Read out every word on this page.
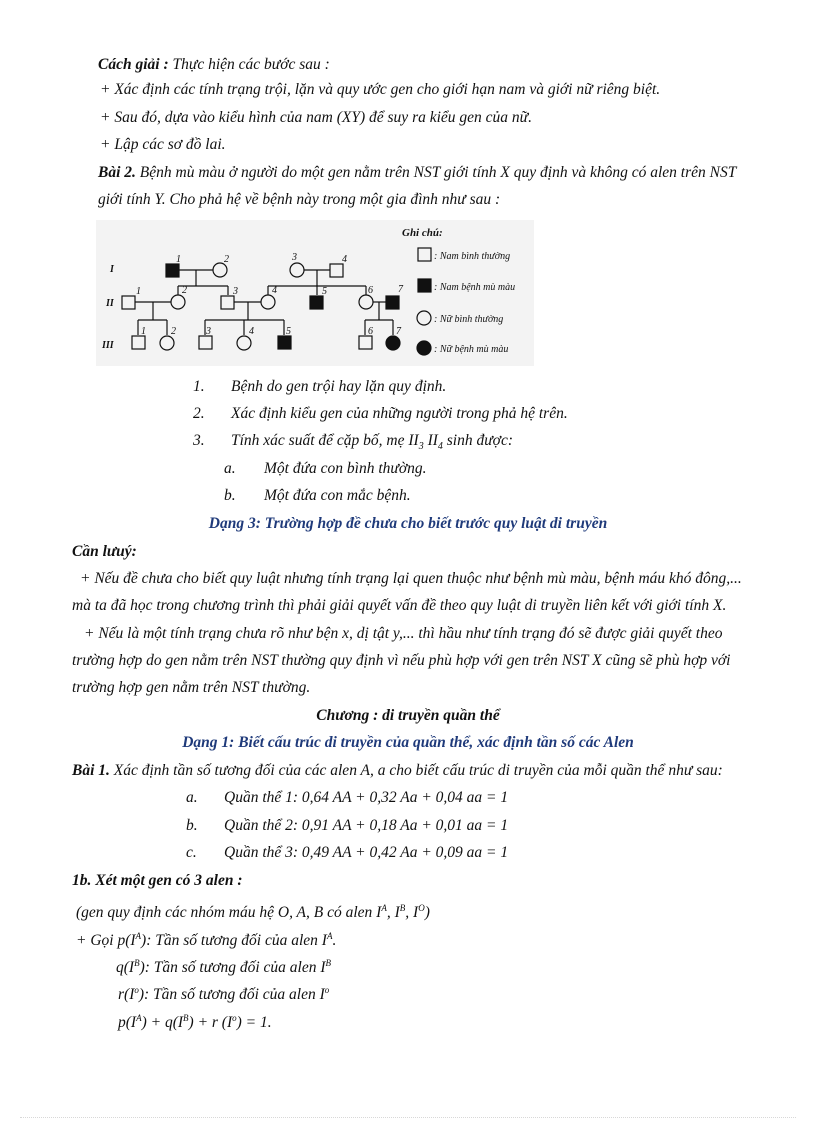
Cách giải : Thực hiện các bước sau :
+ Xác định các tính trạng trội, lặn và quy ước gen cho giới hạn nam và giới nữ riêng biệt.
+ Sau đó, dựa vào kiểu hình của nam (XY) để suy ra kiểu gen của nữ.
+ Lập các sơ đồ lai.
Bài 2. Bệnh mù màu ở người do một gen nằm trên NST giới tính X quy định và không có alen trên NST
giới tính Y. Cho phả hệ về bệnh này trong một gia đình như sau :
I
II
III
1	2	3	4
1	2	3	4	5	6	7
1	2	3	4	5	6 7
Ghi chú:
: Nam bình thường
: Nam bệnh mù màu
: Nữ bình thường
: Nữ bệnh mù màu
1. Bệnh do gen trội hay lặn quy định.
2. Xác định kiểu gen của những người trong phả hệ trên.
3. Tính xác suất để cặp bố, mẹ $II_3$ $II_4$ sinh được:
a. Một đứa con bình thường.
b. Một đứa con mắc bệnh.
Dạng 3: Trường hợp đề chưa cho biết trước quy luật di truyền
Cần lưuý:
+ Nếu đề chưa cho biết quy luật nhưng tính trạng lại quen thuộc như bệnh mù màu, bệnh máu khó đông,...
mà ta đã học trong chương trình thì phải giải quyết vấn đề theo quy luật di truyền liên kết với giới tính X.
+ Nếu là một tính trạng chưa rõ như bện x, dị tật y,... thì hầu như tính trạng đó sẽ được giải quyết theo
trường hợp do gen nằm trên NST thường quy định vì nếu phù hợp với gen trên NST X cũng sẽ phù hợp với
trường hợp gen nằm trên NST thường.
Chương : di truyền quần thể
Dạng 1: Biết cấu trúc di truyền của quần thể, xác định tần số các Alen
Bài 1. Xác định tần số tương đối của các alen A, a cho biết cấu trúc di truyền của mỗi quần thể như sau:
a. Quần thể 1: 0,64 AA + 0,32 Aa + 0,04 aa = 1
b. Quần thể 2: 0,91 AA + 0,18 Aa + 0,01 aa = 1
c. Quần thể 3: 0,49 AA + 0,42 Aa + 0,09 aa = 1
1b. Xét một gen có 3 alen :
(gen quy định các nhóm máu hệ O, A, B có alen $I^A$, $I^B$, $I^O$)
+ Gọi $p(I^A)$: Tần số tương đối của alen $I^A$.
$q(I^B)$: Tần số tương đối của alen $I^B$
$r(I^o)$: Tần số tương đối của alen $I^o$
$p(I^A) + q(I^B) + r$ $(I^o) = 1$.
